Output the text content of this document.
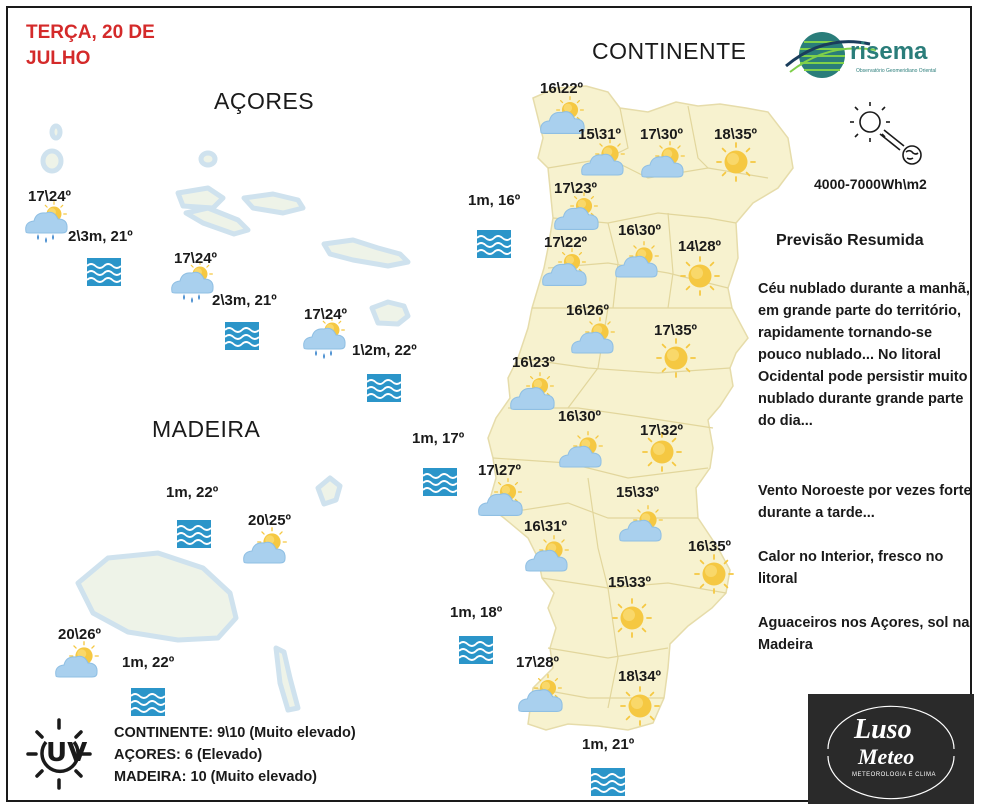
TERÇA, 20 DE
JULHO
AÇORES
MADEIRA
CONTINENTE	risema
Observatório Geomeridiano Oriental
4000-7000Wh\m2
Previsão Resumida
Céu nublado durante a manhã, em grande parte do território, rapidamente tornando-se pouco nublado... No litoral Ocidental pode persistir muito nublado durante grande parte do dia...
Vento Noroeste por vezes forte durante a tarde...
Calor no Interior, fresco no litoral
Aguaceiros nos Açores, sol na Madeira
Luso
Meteo
METEOROLOGIA E CLIMA
UV
CONTINENTE: 9\10 (Muito elevado)
AÇORES: 6 (Elevado)
MADEIRA: 10 (Muito elevado)
17\24º
17\24º
17\24º
2\3m, 21º
2\3m, 21º
1\2m, 22º
20\25º
20\26º
1m, 22º
1m, 22º
16\22º
15\31º 17\30º 18\35º
17\23º
17\22º
16\30º
14\28º
16\26º
17\35º
16\23º
16\30º
17\32º
17\27º
15\33º
16\31º
16\35º
15\33º
17\28º
18\34º
1m, 16º
1m, 17º
1m, 18º
1m, 21º
